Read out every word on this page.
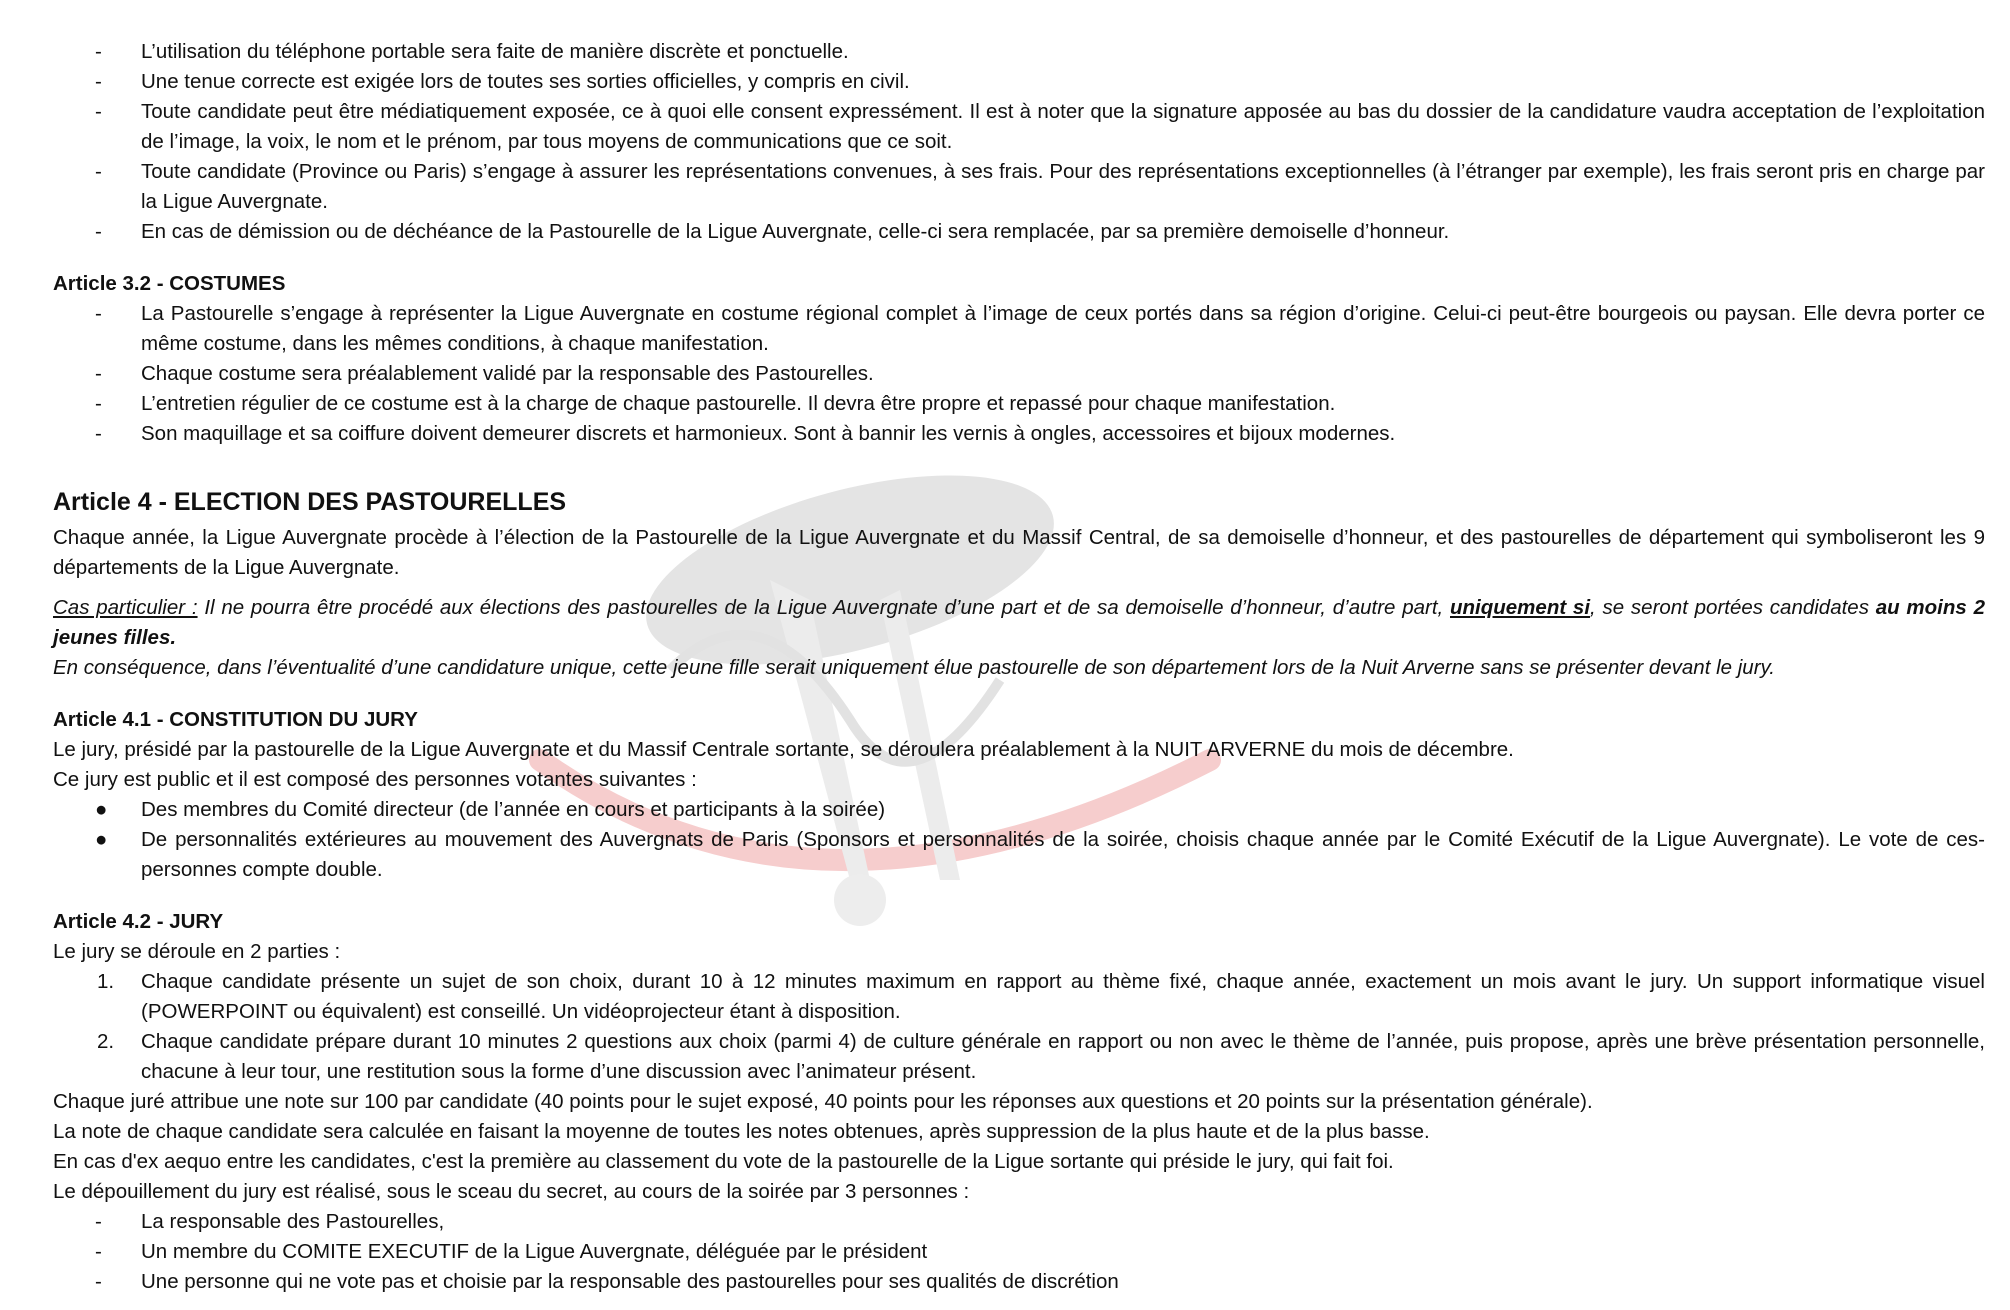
-	L’utilisation du téléphone portable sera faite de manière discrète et ponctuelle.
-	Une tenue correcte est exigée lors de toutes ses sorties officielles, y compris en civil.
-	Toute candidate peut être médiatiquement exposée, ce à quoi elle consent expressément. Il est à noter que la signature apposée au bas du dossier de la candidature vaudra acceptation de l’exploitation de l’image, la voix, le nom et le prénom, par tous moyens de communications que ce soit.
-	Toute candidate (Province ou Paris) s’engage à assurer les représentations convenues, à ses frais. Pour des représentations exceptionnelles (à l’étranger par exemple), les frais seront pris en charge par la Ligue Auvergnate.
-	En cas de démission ou de déchéance de la Pastourelle de la Ligue Auvergnate, celle-ci sera remplacée, par sa première demoiselle d’honneur.
Article 3.2 - COSTUMES
-	La Pastourelle s’engage à représenter la Ligue Auvergnate en costume régional complet à l’image de ceux portés dans sa région d’origine. Celui-ci peut-être bourgeois ou paysan. Elle devra porter ce même costume, dans les mêmes conditions, à chaque manifestation.
-	Chaque costume sera préalablement validé par la responsable des Pastourelles.
-	L’entretien régulier de ce costume est à la charge de chaque pastourelle. Il devra être propre et repassé pour chaque manifestation.
-	Son maquillage et sa coiffure doivent demeurer discrets et harmonieux. Sont à bannir les vernis à ongles, accessoires et bijoux modernes.
Article 4 - ELECTION DES PASTOURELLES

Chaque année, la Ligue Auvergnate procède à l’élection de la Pastourelle de la Ligue Auvergnate et du Massif Central, de sa demoiselle d’honneur, et des pastourelles de département qui symboliseront les 9 départements de la Ligue Auvergnate.

Cas particulier : Il ne pourra être procédé aux élections des pastourelles de la Ligue Auvergnate d’une part et de sa demoiselle d’honneur, d’autre part, uniquement si, se seront portées candidates au moins 2 jeunes filles.

En conséquence, dans l’éventualité d’une candidature unique, cette jeune fille serait uniquement élue pastourelle de son département lors de la Nuit Arverne sans se présenter devant le jury.

Article 4.1 - CONSTITUTION DU JURY

Le jury, présidé par la pastourelle de la Ligue Auvergnate et du Massif Centrale sortante, se déroulera préalablement à la NUIT ARVERNE du mois de décembre.

Ce jury est public et il est composé des personnes votantes suivantes :

●	Des membres du Comité directeur (de l’année en cours et participants à la soirée)
●	De personnalités extérieures au mouvement des Auvergnats de Paris (Sponsors et personnalités de la soirée, choisis chaque année par le Comité Exécutif de la Ligue Auvergnate). Le vote de ces-personnes compte double.
Article 4.2 - JURY

Le jury se déroule en 2 parties :

1.	Chaque candidate présente un sujet de son choix, durant 10 à 12 minutes maximum en rapport au thème fixé, chaque année, exactement un mois avant le jury. Un support informatique visuel (POWERPOINT ou équivalent) est conseillé. Un vidéoprojecteur étant à disposition.
2.	Chaque candidate prépare durant 10 minutes 2 questions aux choix (parmi 4) de culture générale en rapport ou non avec le thème de l’année, puis propose, après une brève présentation personnelle, chacune à leur tour, une restitution sous la forme d’une discussion avec l’animateur présent.

Chaque juré attribue une note sur 100 par candidate (40 points pour le sujet exposé, 40 points pour les réponses aux questions et 20 points sur la présentation générale).

La note de chaque candidate sera calculée en faisant la moyenne de toutes les notes obtenues, après suppression de la plus haute et de la plus basse.

En cas d'ex aequo entre les candidates, c'est la première au classement du vote de la pastourelle de la Ligue sortante qui préside le jury, qui fait foi.

Le dépouillement du jury est réalisé, sous le sceau du secret, au cours de la soirée par 3 personnes :

-	La responsable des Pastourelles,
-	Un membre du COMITE EXECUTIF de la Ligue Auvergnate, déléguée par le président
-	Une personne qui ne vote pas et choisie par la responsable des pastourelles pour ses qualités de discrétion
